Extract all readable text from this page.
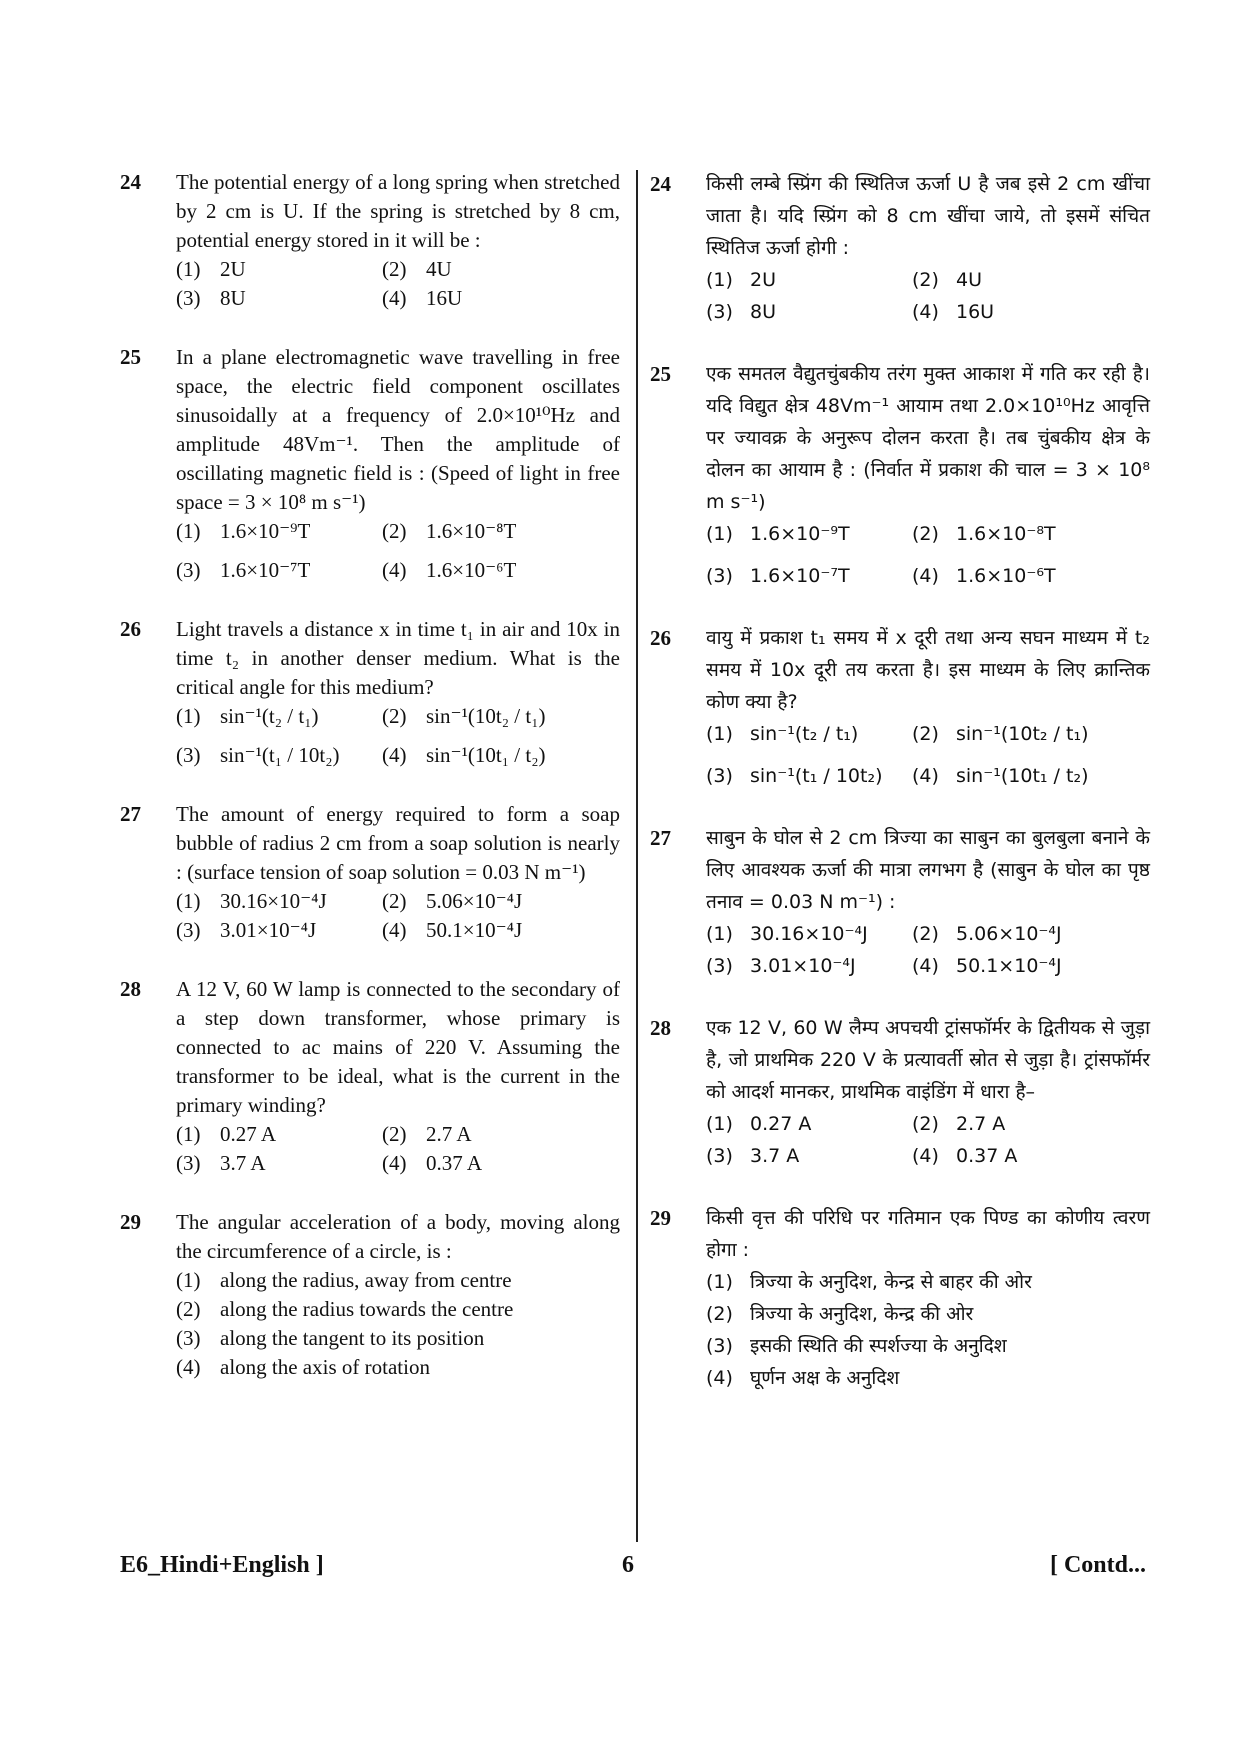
24 The potential energy of a long spring when stretched by 2 cm is U. If the spring is stretched by 8 cm, potential energy stored in it will be :
(1) 2U	(2) 4U
(3) 8U	(4) 16U
25 In a plane electromagnetic wave travelling in free space, the electric field component oscillates sinusoidally at a frequency of 2.0×10¹⁰Hz and amplitude 48Vm⁻¹. Then the amplitude of oscillating magnetic field is : (Speed of light in free space = 3 × 10⁸ m s⁻¹)
(1) 1.6×10⁻⁹T	(2) 1.6×10⁻⁸T
(3) 1.6×10⁻⁷T	(4) 1.6×10⁻⁶T
26 Light travels a distance x in time t₁ in air and 10x in time t₂ in another denser medium. What is the critical angle for this medium?
(1) sin⁻¹(t₂ / t₁)	(2) sin⁻¹(10t₂ / t₁)
(3) sin⁻¹(t₁ / 10t₂)	(4) sin⁻¹(10t₁ / t₂)
27 The amount of energy required to form a soap bubble of radius 2 cm from a soap solution is nearly : (surface tension of soap solution = 0.03 N m⁻¹)
(1) 30.16×10⁻⁴J	(2) 5.06×10⁻⁴J
(3) 3.01×10⁻⁴J	(4) 50.1×10⁻⁴J
28 A 12 V, 60 W lamp is connected to the secondary of a step down transformer, whose primary is connected to ac mains of 220 V. Assuming the transformer to be ideal, what is the current in the primary winding?
(1) 0.27 A	(2) 2.7 A
(3) 3.7 A	(4) 0.37 A
29 The angular acceleration of a body, moving along the circumference of a circle, is :
(1) along the radius, away from centre
(2) along the radius towards the centre
(3) along the tangent to its position
(4) along the axis of rotation
24 किसी लम्बे स्प्रिंग की स्थितिज ऊर्जा U है जब इसे 2 cm खींचा जाता है। यदि स्प्रिंग को 8 cm खींचा जाये, तो इसमें संचित स्थितिज ऊर्जा होगी :
(1) 2U	(2) 4U
(3) 8U	(4) 16U
25 एक समतल वैद्युतचुंबकीय तरंग मुक्त आकाश में गति कर रही है। यदि विद्युत क्षेत्र 48Vm⁻¹ आयाम तथा 2.0×10¹⁰Hz आवृत्ति पर ज्यावक्र के अनुरूप दोलन करता है। तब चुंबकीय क्षेत्र के दोलन का आयाम है : (निर्वात में प्रकाश की चाल = 3 × 10⁸ m s⁻¹)
(1) 1.6×10⁻⁹T	(2) 1.6×10⁻⁸T
(3) 1.6×10⁻⁷T	(4) 1.6×10⁻⁶T
26 वायु में प्रकाश t₁ समय में x दूरी तथा अन्य सघन माध्यम में t₂ समय में 10x दूरी तय करता है। इस माध्यम के लिए क्रान्तिक कोण क्या है?
(1) sin⁻¹(t₂ / t₁)	(2) sin⁻¹(10t₂ / t₁)
(3) sin⁻¹(t₁ / 10t₂)	(4) sin⁻¹(10t₁ / t₂)
27 साबुन के घोल से 2 cm त्रिज्या का साबुन का बुलबुला बनाने के लिए आवश्यक ऊर्जा की मात्रा लगभग है (साबुन के घोल का पृष्ठ तनाव = 0.03 N m⁻¹) :
(1) 30.16×10⁻⁴J	(2) 5.06×10⁻⁴J
(3) 3.01×10⁻⁴J	(4) 50.1×10⁻⁴J
28 एक 12 V, 60 W लैम्प अपचयी ट्रांसफॉर्मर के द्वितीयक से जुड़ा है, जो प्राथमिक 220 V के प्रत्यावर्ती स्रोत से जुड़ा है। ट्रांसफॉर्मर को आदर्श मानकर, प्राथमिक वाइंडिंग में धारा है–
(1) 0.27 A	(2) 2.7 A
(3) 3.7 A	(4) 0.37 A
29 किसी वृत्त की परिधि पर गतिमान एक पिण्ड का कोणीय त्वरण होगा :
(1) त्रिज्या के अनुदिश, केन्द्र से बाहर की ओर
(2) त्रिज्या के अनुदिश, केन्द्र की ओर
(3) इसकी स्थिति की स्पर्शज्या के अनुदिश
(4) घूर्णन अक्ष के अनुदिश
E6_Hindi+English ]	6	[ Contd...
